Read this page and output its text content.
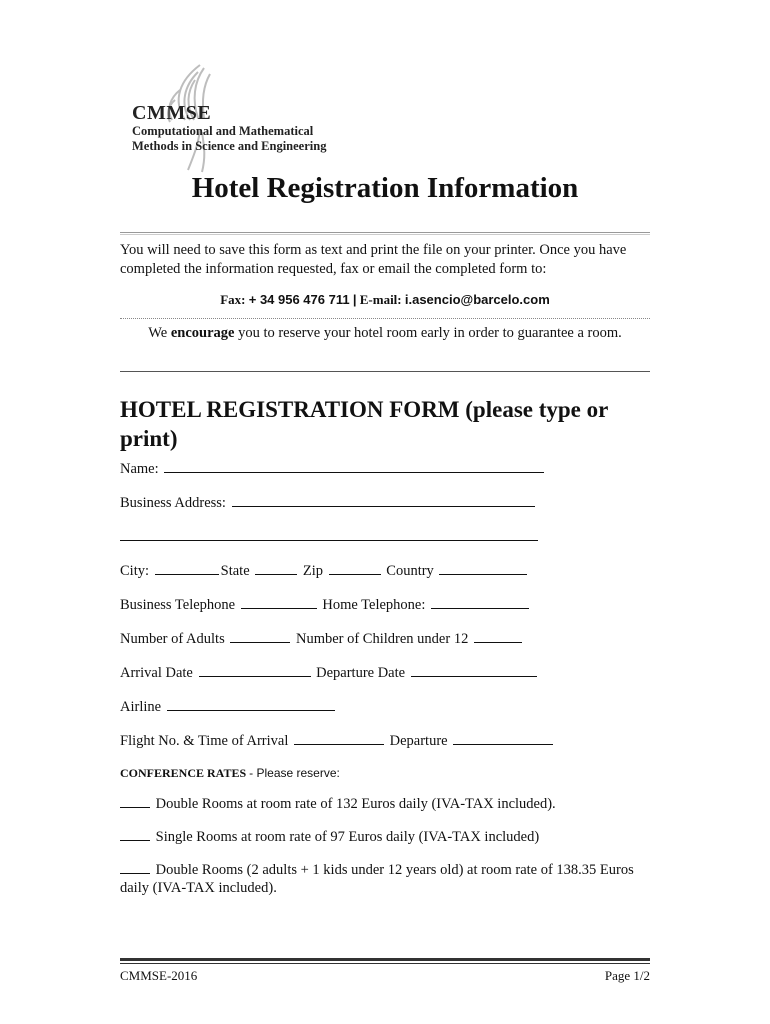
CMMSE
Computational and Mathematical
Methods in Science and Engineering
Hotel Registration Information
You will need to save this form as text and print the file on your printer. Once you have completed the information requested, fax or email the completed form to:
Fax: + 34 956 476 711 | E-mail: i.asencio@barcelo.com
We encourage you to reserve your hotel room early in order to guarantee a room.
HOTEL REGISTRATION FORM (please type or print)
Name:
Business Address:
City:	State	Zip	Country
Business Telephone	Home Telephone:
Number of Adults	Number of Children under 12
Arrival Date	Departure Date
Airline
Flight No. & Time of Arrival	Departure
CONFERENCE RATES - Please reserve:
Double Rooms at room rate of 132 Euros daily (IVA-TAX included).
Single Rooms at room rate of 97 Euros daily (IVA-TAX included)
Double Rooms (2 adults + 1 kids under 12 years old) at room rate of 138.35 Euros daily (IVA-TAX included).
CMMSE-2016	Page 1/2
